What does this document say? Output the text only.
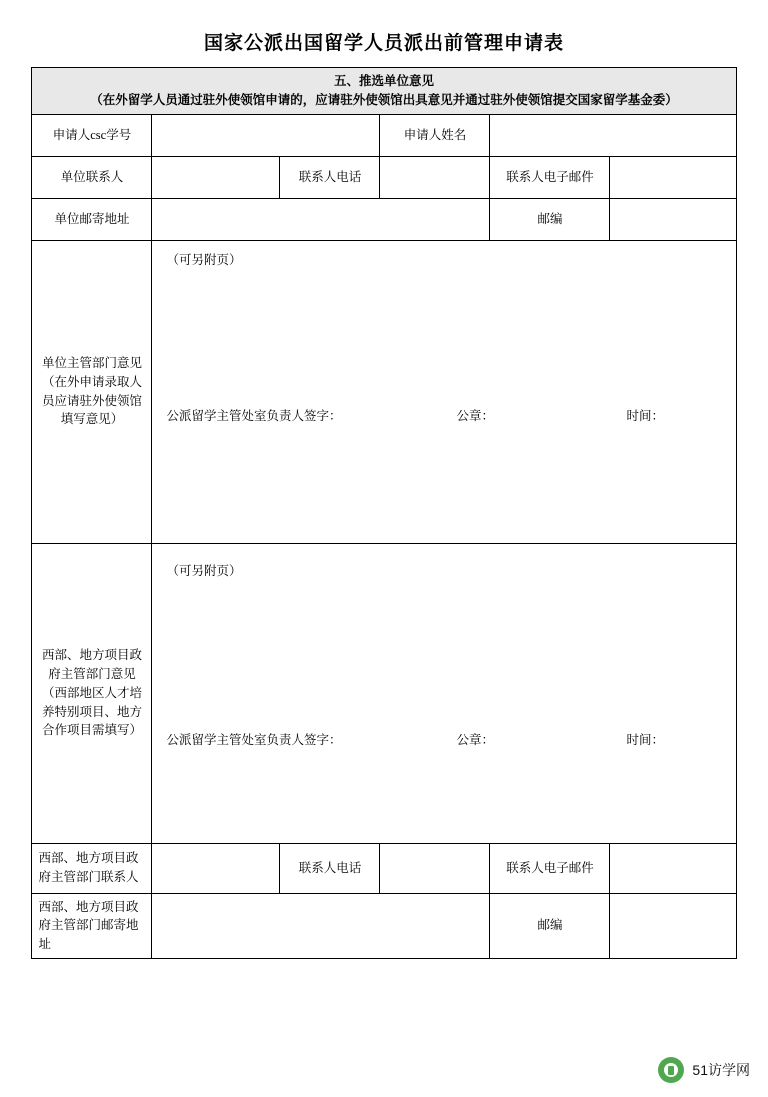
国家公派出国留学人员派出前管理申请表
五、推选单位意见
（在外留学人员通过驻外使领馆申请的，应请驻外使领馆出具意见并通过驻外使领馆提交国家留学基金委）					

申请人csc学号			申请人姓名		
单位联系人		联系人电话		联系人电子邮件	
单位邮寄地址				邮编	
单位主管部门意见（在外申请录取人员应请驻外使领馆填写意见）	（可另附页）
公派留学主管处室负责人签字： 公章： 时间：				

西部、地方项目政府主管部门意见（西部地区人才培养特别项目、地方合作项目需填写）	（可另附页）
公派留学主管处室负责人签字： 公章： 时间：				

西部、地方项目政府主管部门联系人		联系人电话		联系人电子邮件	
西部、地方项目政府主管部门邮寄地址				邮编	
51访学网
